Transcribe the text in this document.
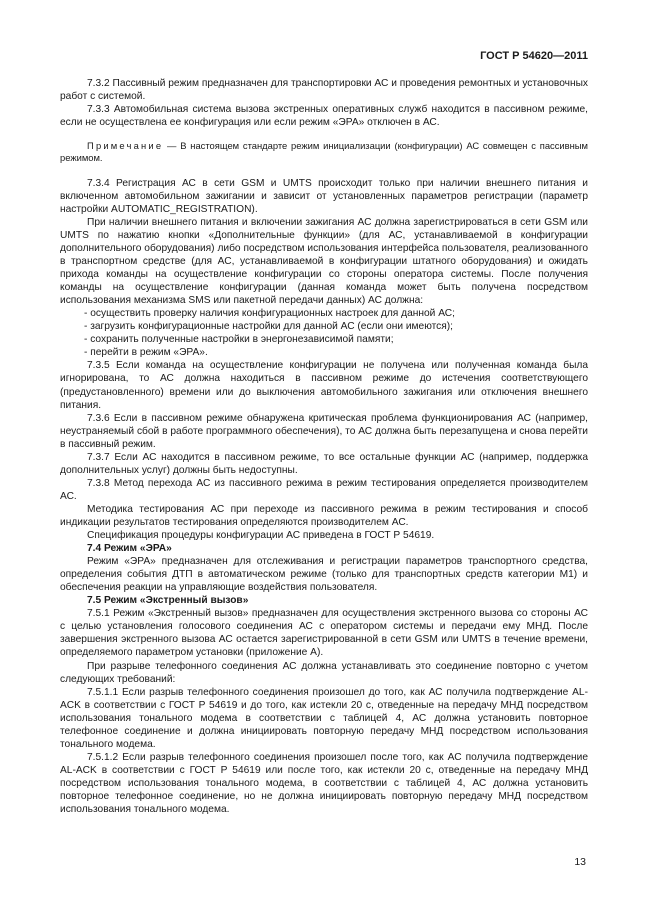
ГОСТ Р 54620—2011

7.3.2 Пассивный режим предназначен для транспортировки АС и проведения ремонтных и установочных работ с системой.

7.3.3 Автомобильная система вызова экстренных оперативных служб находится в пассивном режиме, если не осуществлена ее конфигурация или если режим «ЭРА» отключен в АС.

Примечание — В настоящем стандарте режим инициализации (конфигурации) АС совмещен с пассивным режимом.

7.3.4 Регистрация АС в сети GSM и UMTS происходит только при наличии внешнего питания и включенном автомобильном зажигании и зависит от установленных параметров регистрации (параметр настройки AUTOMATIC_REGISTRATION).

При наличии внешнего питания и включении зажигания АС должна зарегистрироваться в сети GSM или UMTS по нажатию кнопки «Дополнительные функции» (для АС, устанавливаемой в конфигурации дополнительного оборудования) либо посредством использования интерфейса пользователя, реализованного в транспортном средстве (для АС, устанавливаемой в конфигурации штатного оборудования) и ожидать прихода команды на осуществление конфигурации со стороны оператора системы. После получения команды на осуществление конфигурации (данная команда может быть получена посредством использования механизма SMS или пакетной передачи данных) АС должна:

- осуществить проверку наличия конфигурационных настроек для данной АС;

- загрузить конфигурационные настройки для данной АС (если они имеются);

- сохранить полученные настройки в энергонезависимой памяти;

- перейти в режим «ЭРА».

7.3.5 Если команда на осуществление конфигурации не получена или полученная команда была игнорирована, то АС должна находиться в пассивном режиме до истечения соответствующего (предустановленного) времени или до выключения автомобильного зажигания или отключения внешнего питания.

7.3.6 Если в пассивном режиме обнаружена критическая проблема функционирования АС (например, неустраняемый сбой в работе программного обеспечения), то АС должна быть перезапущена и снова перейти в пассивный режим.

7.3.7 Если АС находится в пассивном режиме, то все остальные функции АС (например, поддержка дополнительных услуг) должны быть недоступны.

7.3.8 Метод перехода АС из пассивного режима в режим тестирования определяется производителем АС.

Методика тестирования АС при переходе из пассивного режима в режим тестирования и способ индикации результатов тестирования определяются производителем АС.

Спецификация процедуры конфигурации АС приведена в ГОСТ Р 54619.

7.4 Режим «ЭРА»

Режим «ЭРА» предназначен для отслеживания и регистрации параметров транспортного средства, определения события ДТП в автоматическом режиме (только для транспортных средств категории М1) и обеспечения реакции на управляющие воздействия пользователя.

7.5 Режим «Экстренный вызов»

7.5.1 Режим «Экстренный вызов» предназначен для осуществления экстренного вызова со стороны АС с целью установления голосового соединения АС с оператором системы и передачи ему МНД. После завершения экстренного вызова АС остается зарегистрированной в сети GSM или UMTS в течение времени, определяемого параметром установки (приложение А).

При разрыве телефонного соединения АС должна устанавливать это соединение повторно с учетом следующих требований:

7.5.1.1 Если разрыв телефонного соединения произошел до того, как АС получила подтверждение AL-ACK в соответствии с ГОСТ Р 54619 и до того, как истекли 20 с, отведенные на передачу МНД посредством использования тонального модема в соответствии с таблицей 4, АС должна установить повторное телефонное соединение и должна инициировать повторную передачу МНД посредством использования тонального модема.

7.5.1.2 Если разрыв телефонного соединения произошел после того, как АС получила подтверждение AL-ACK в соответствии с ГОСТ Р 54619 или после того, как истекли 20 с, отведенные на передачу МНД посредством использования тонального модема, в соответствии с таблицей 4, АС должна установить повторное телефонное соединение, но не должна инициировать повторную передачу МНД посредством использования тонального модема.

13
